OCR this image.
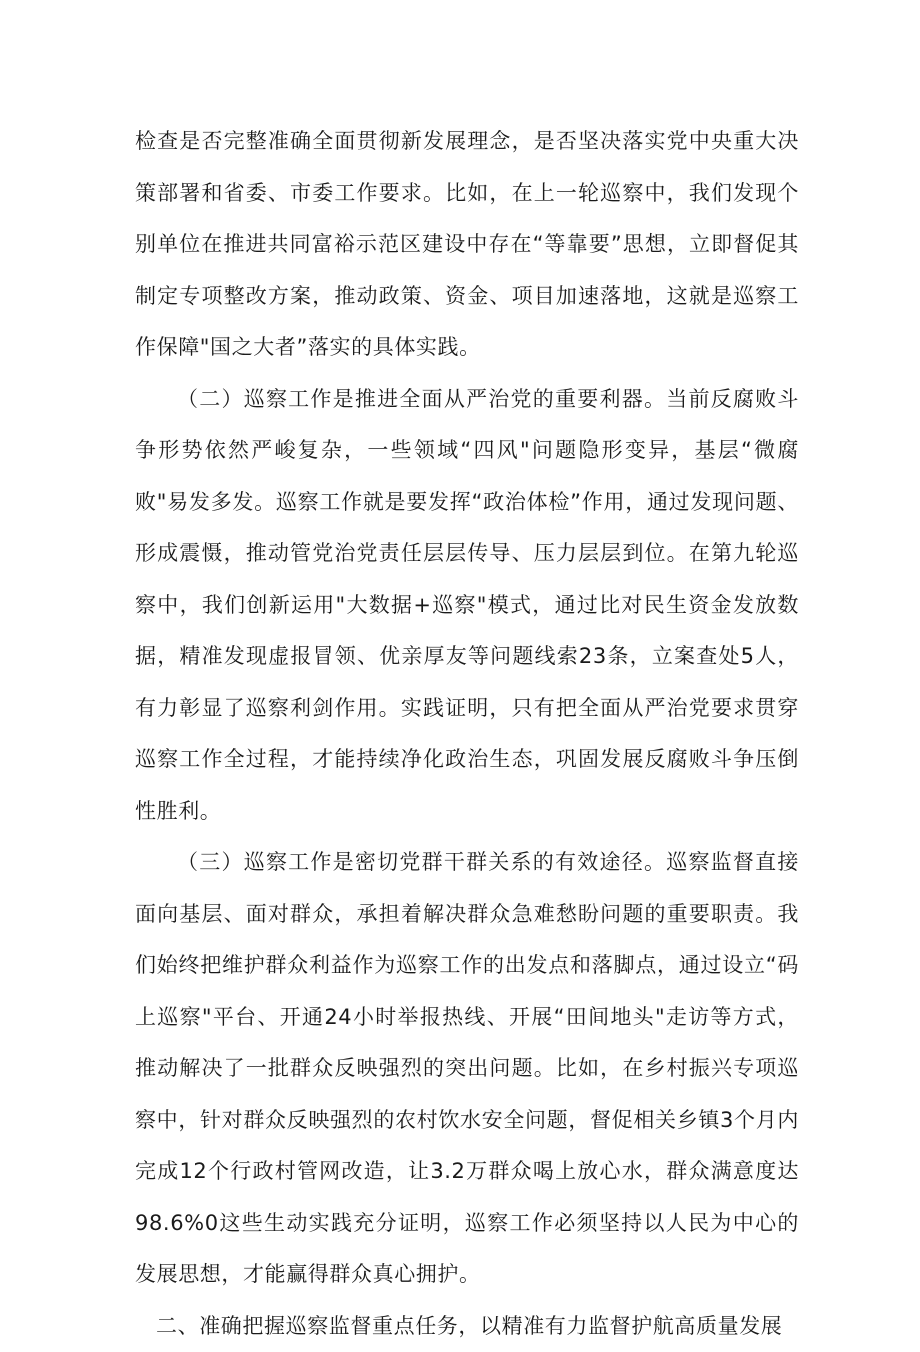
检查是否完整准确全面贯彻新发展理念，是否坚决落实党中央重大决策部署和省委、市委工作要求。比如，在上一轮巡察中，我们发现个别单位在推进共同富裕示范区建设中存在“等靠要”思想，立即督促其制定专项整改方案，推动政策、资金、项目加速落地，这就是巡察工作保障"国之大者”落实的具体实践。

（二）巡察工作是推进全面从严治党的重要利器。当前反腐败斗争形势依然严峻复杂，一些领域“四风"问题隐形变异，基层“微腐败"易发多发。巡察工作就是要发挥“政治体检”作用，通过发现问题、形成震慑，推动管党治党责任层层传导、压力层层到位。在第九轮巡察中，我们创新运用"大数据+巡察"模式，通过比对民生资金发放数据，精准发现虚报冒领、优亲厚友等问题线索23条，立案查处5人，有力彰显了巡察利剑作用。实践证明，只有把全面从严治党要求贯穿巡察工作全过程，才能持续净化政治生态，巩固发展反腐败斗争压倒性胜利。

（三）巡察工作是密切党群干群关系的有效途径。巡察监督直接面向基层、面对群众，承担着解决群众急难愁盼问题的重要职责。我们始终把维护群众利益作为巡察工作的出发点和落脚点，通过设立“码上巡察"平台、开通24小时举报热线、开展“田间地头"走访等方式，推动解决了一批群众反映强烈的突出问题。比如，在乡村振兴专项巡察中，针对群众反映强烈的农村饮水安全问题，督促相关乡镇3个月内完成12个行政村管网改造，让3.2万群众喝上放心水，群众满意度达98.6%0这些生动实践充分证明，巡察工作必须坚持以人民为中心的发展思想，才能赢得群众真心拥护。

二、准确把握巡察监督重点任务，以精准有力监督护航高质量发展
